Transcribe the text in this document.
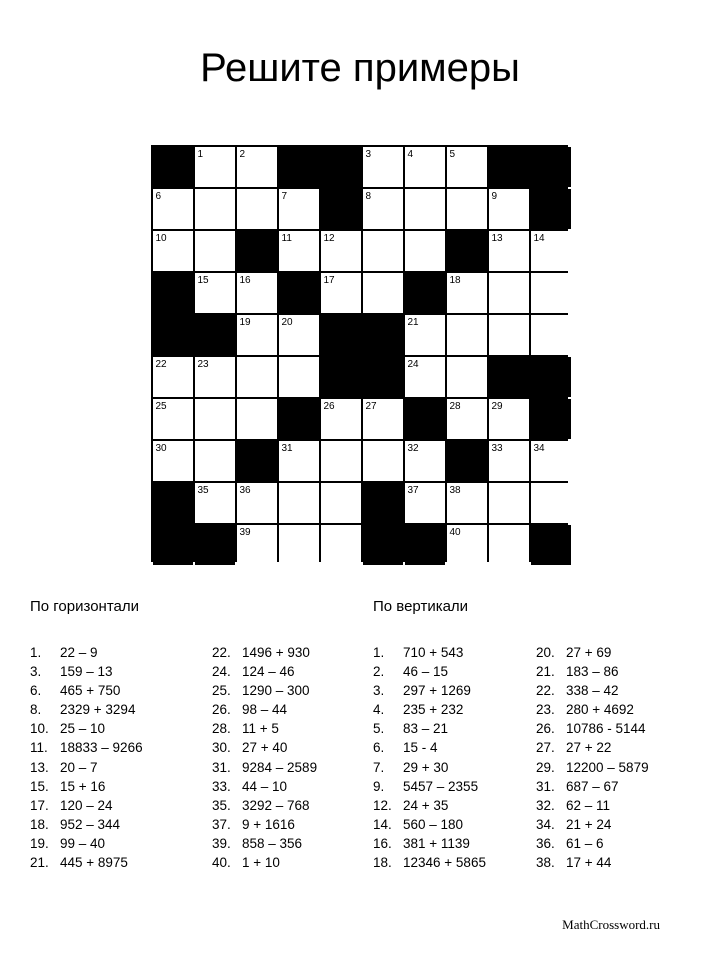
Решите примеры
1	2	3	4	5
6	7	8	9
10	11	12	13	14
15	16	17	18
19	20	21
22	23	24
25	26	27	28	29
30	31	32	33	34
35	36	37	38
39	40
По горизонтали	По вертикали
1. 22 – 9
3. 159 – 13
6. 465 + 750
8. 2329 + 3294
10. 25 – 10
11. 18833 – 9266
13. 20 – 7
15. 15 + 16
17. 120 – 24
18. 952 – 344
19. 99 – 40
21. 445 + 8975
22. 1496 + 930
24. 124 – 46
25. 1290 – 300
26. 98 – 44
28. 11 + 5
30. 27 + 40
31. 9284 – 2589
33. 44 – 10
35. 3292 – 768
37. 9 + 1616
39. 858 – 356
40. 1 + 10
1. 710 + 543
2. 46 – 15
3. 297 + 1269
4. 235 + 232
5. 83 – 21
6. 15 - 4
7. 29 + 30
9. 5457 – 2355
12. 24 + 35
14. 560 – 180
16. 381 + 1139
18. 12346 + 5865
20. 27 + 69
21. 183 – 86
22. 338 – 42
23. 280 + 4692
26. 10786 - 5144
27. 27 + 22
29. 12200 – 5879
31. 687 – 67
32. 62 – 11
34. 21 + 24
36. 61 – 6
38. 17 + 44
MathCrossword.ru
